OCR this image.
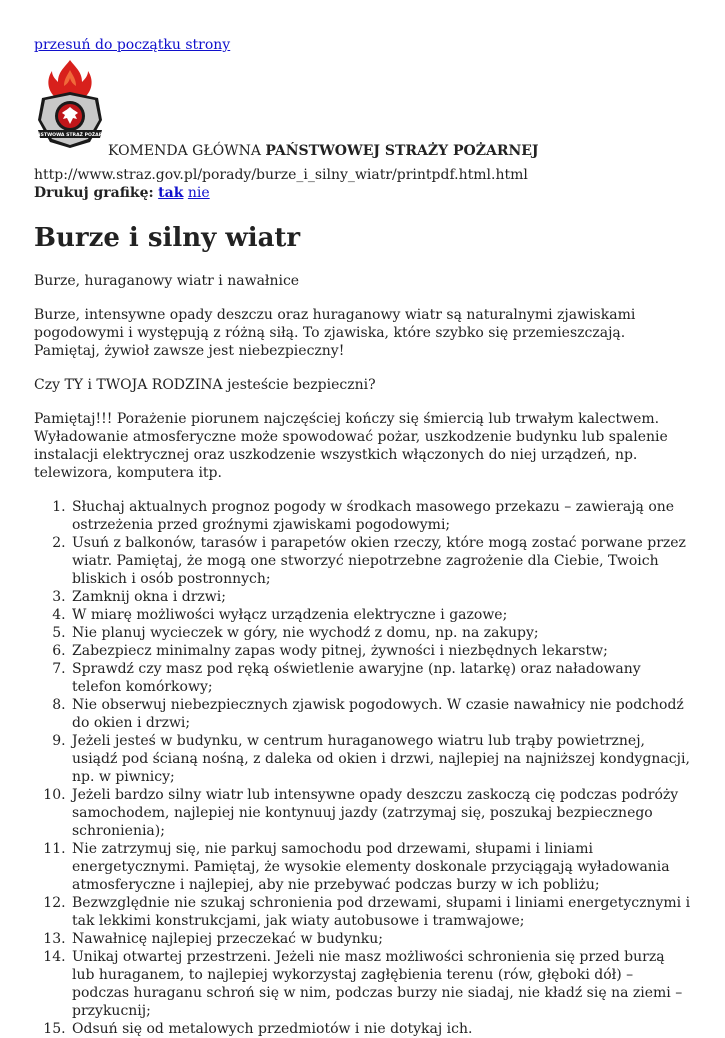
przesuń do początku strony
PAŃSTWOWA STRAŻ POŻARNA
KOMENDA GŁÓWNA PAŃSTWOWEJ STRAŻY POŻARNEJ
http://www.straz.gov.pl/porady/burze_i_silny_wiatr/printpdf.html.html
Drukuj grafikę: tak nie
Burze i silny wiatr

Burze, huraganowy wiatr i nawałnice

Burze, intensywne opady deszczu oraz huraganowy wiatr są naturalnymi zjawiskami pogodowymi i występują z różną siłą. To zjawiska, które szybko się przemieszczają. Pamiętaj, żywioł zawsze jest niebezpieczny!

Czy TY i TWOJA RODZINA jesteście bezpieczni?

Pamiętaj!!! Porażenie piorunem najczęściej kończy się śmiercią lub trwałym kalectwem. Wyładowanie atmosferyczne może spowodować pożar, uszkodzenie budynku lub spalenie instalacji elektrycznej oraz uszkodzenie wszystkich włączonych do niej urządzeń, np. telewizora, komputera itp.

1. Słuchaj aktualnych prognoz pogody w środkach masowego przekazu – zawierają one ostrzeżenia przed groźnymi zjawiskami pogodowymi;
2. Usuń z balkonów, tarasów i parapetów okien rzeczy, które mogą zostać porwane przez wiatr. Pamiętaj, że mogą one stworzyć niepotrzebne zagrożenie dla Ciebie, Twoich bliskich i osób postronnych;
3. Zamknij okna i drzwi;
4. W miarę możliwości wyłącz urządzenia elektryczne i gazowe;
5. Nie planuj wycieczek w góry, nie wychodź z domu, np. na zakupy;
6. Zabezpiecz minimalny zapas wody pitnej, żywności i niezbędnych lekarstw;
7. Sprawdź czy masz pod ręką oświetlenie awaryjne (np. latarkę) oraz naładowany telefon komórkowy;
8. Nie obserwuj niebezpiecznych zjawisk pogodowych. W czasie nawałnicy nie podchodź do okien i drzwi;
9. Jeżeli jesteś w budynku, w centrum huraganowego wiatru lub trąby powietrznej, usiądź pod ścianą nośną, z daleka od okien i drzwi, najlepiej na najniższej kondygnacji, np. w piwnicy;
10. Jeżeli bardzo silny wiatr lub intensywne opady deszczu zaskoczą cię podczas podróży samochodem, najlepiej nie kontynuuj jazdy (zatrzymaj się, poszukaj bezpiecznego schronienia);
11. Nie zatrzymuj się, nie parkuj samochodu pod drzewami, słupami i liniami energetycznymi. Pamiętaj, że wysokie elementy doskonale przyciągają wyładowania atmosferyczne i najlepiej, aby nie przebywać podczas burzy w ich pobliżu;
12. Bezwzględnie nie szukaj schronienia pod drzewami, słupami i liniami energetycznymi i tak lekkimi konstrukcjami, jak wiaty autobusowe i tramwajowe;
13. Nawałnicę najlepiej przeczekać w budynku;
14. Unikaj otwartej przestrzeni. Jeżeli nie masz możliwości schronienia się przed burzą lub huraganem, to najlepiej wykorzystaj zagłębienia terenu (rów, głęboki dół) – podczas huraganu schroń się w nim, podczas burzy nie siadaj, nie kładź się na ziemi – przykucnij;
15. Odsuń się od metalowych przedmiotów i nie dotykaj ich.
